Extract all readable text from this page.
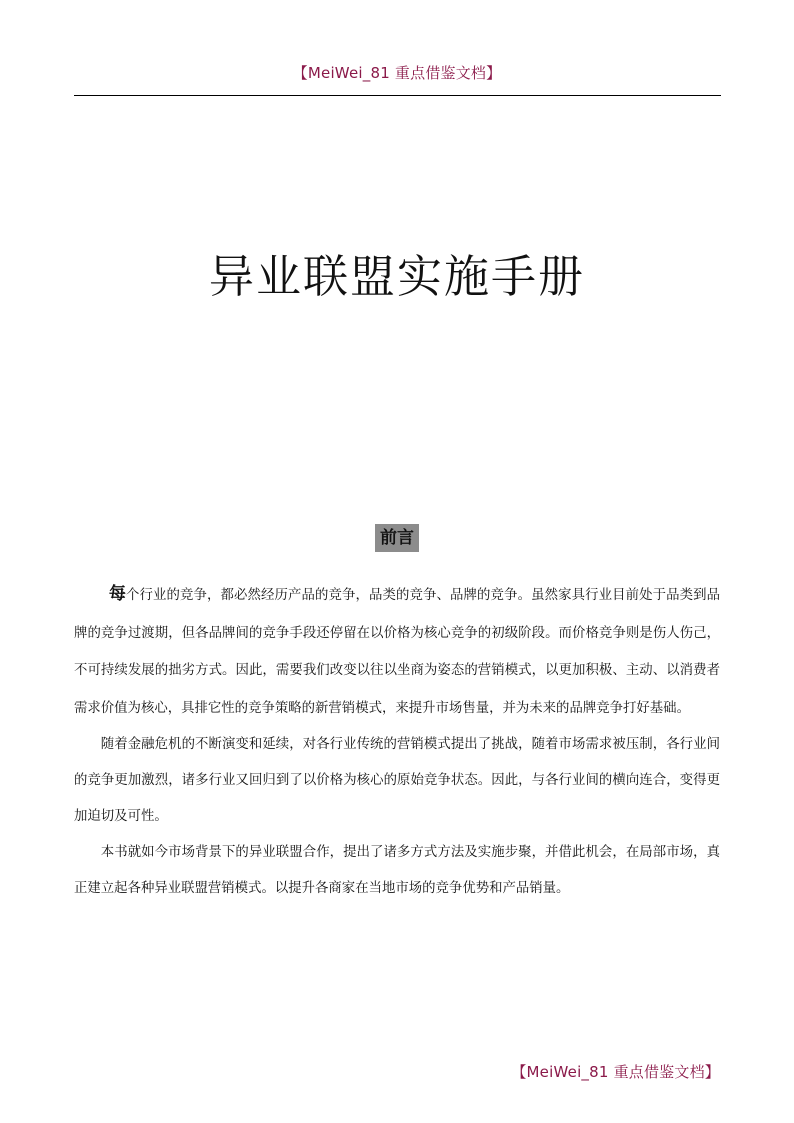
【MeiWei_81 重点借鉴文档】
异业联盟实施手册
前言

每个行业的竞争，都必然经历产品的竞争，品类的竞争、品牌的竞争。虽然家具行业目前处于品类到品牌的竞争过渡期，但各品牌间的竞争手段还停留在以价格为核心竞争的初级阶段。而价格竞争则是伤人伤己，不可持续发展的拙劣方式。因此，需要我们改变以往以坐商为姿态的营销模式，以更加积极、主动、以消费者需求价值为核心，具排它性的竞争策略的新营销模式，来提升市场售量，并为未来的品牌竞争打好基础。

随着金融危机的不断演变和延续，对各行业传统的营销模式提出了挑战，随着市场需求被压制，各行业间的竞争更加激烈，诸多行业又回归到了以价格为核心的原始竞争状态。因此，与各行业间的横向连合，变得更加迫切及可性。

本书就如今市场背景下的异业联盟合作，提出了诸多方式方法及实施步聚，并借此机会，在局部市场，真正建立起各种异业联盟营销模式。以提升各商家在当地市场的竞争优势和产品销量。

【MeiWei_81 重点借鉴文档】
